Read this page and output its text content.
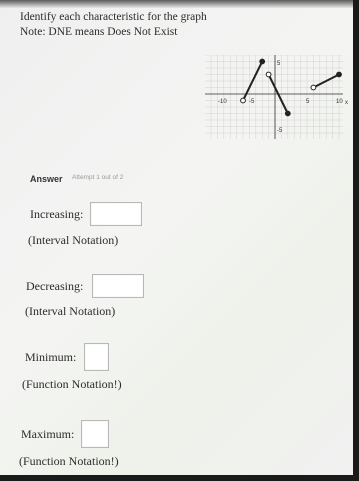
Identify each characteristic for the graph
Note: DNE means Does Not Exist
-10	-5	5	10 x
5
-5
Answer Attempt 1 out of 2
Increasing:
(Interval Notation)
Decreasing:
(Interval Notation)
Minimum:
(Function Notation!)
Maximum:
(Function Notation!)
